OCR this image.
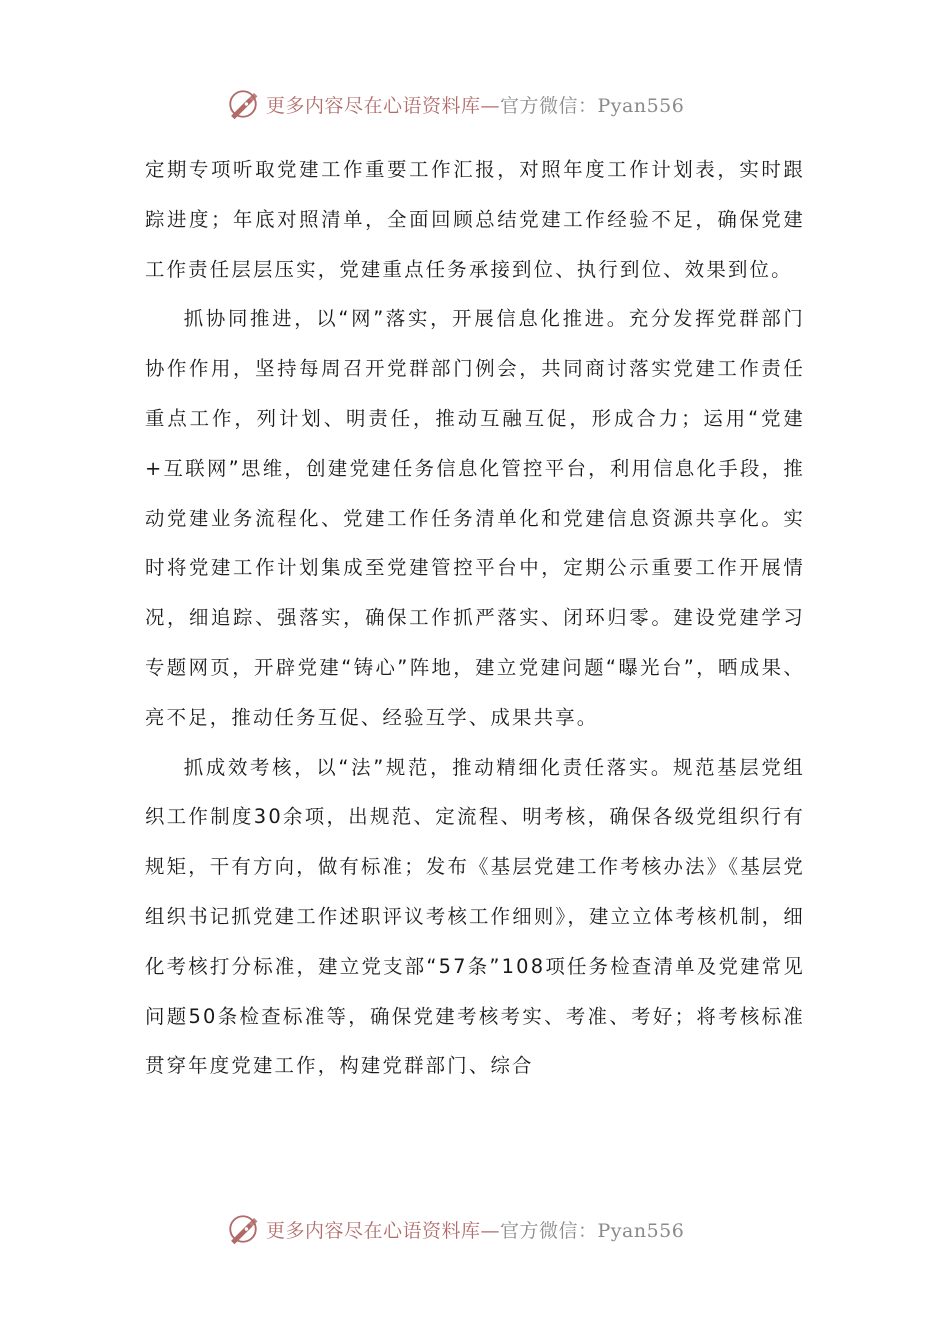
更多内容尽在心语资料库—官方微信：Pyan556

定期专项听取党建工作重要工作汇报，对照年度工作计划表，实时跟踪进度；年底对照清单，全面回顾总结党建工作经验不足，确保党建工作责任层层压实，党建重点任务承接到位、执行到位、效果到位。

抓协同推进，以“网”落实，开展信息化推进。充分发挥党群部门协作作用，坚持每周召开党群部门例会，共同商讨落实党建工作责任重点工作，列计划、明责任，推动互融互促，形成合力；运用“党建+互联网”思维，创建党建任务信息化管控平台，利用信息化手段，推动党建业务流程化、党建工作任务清单化和党建信息资源共享化。实时将党建工作计划集成至党建管控平台中，定期公示重要工作开展情况，细追踪、强落实，确保工作抓严落实、闭环归零。建设党建学习专题网页，开辟党建“铸心”阵地，建立党建问题“曝光台”，晒成果、亮不足，推动任务互促、经验互学、成果共享。

抓成效考核，以“法”规范，推动精细化责任落实。规范基层党组织工作制度30余项，出规范、定流程、明考核，确保各级党组织行有规矩，干有方向，做有标准；发布《基层党建工作考核办法》《基层党组织书记抓党建工作述职评议考核工作细则》，建立立体考核机制，细化考核打分标准，建立党支部“57条”108项任务检查清单及党建常见问题50条检查标准等，确保党建考核考实、考准、考好；将考核标准贯穿年度党建工作，构建党群部门、综合

更多内容尽在心语资料库—官方微信：Pyan556
